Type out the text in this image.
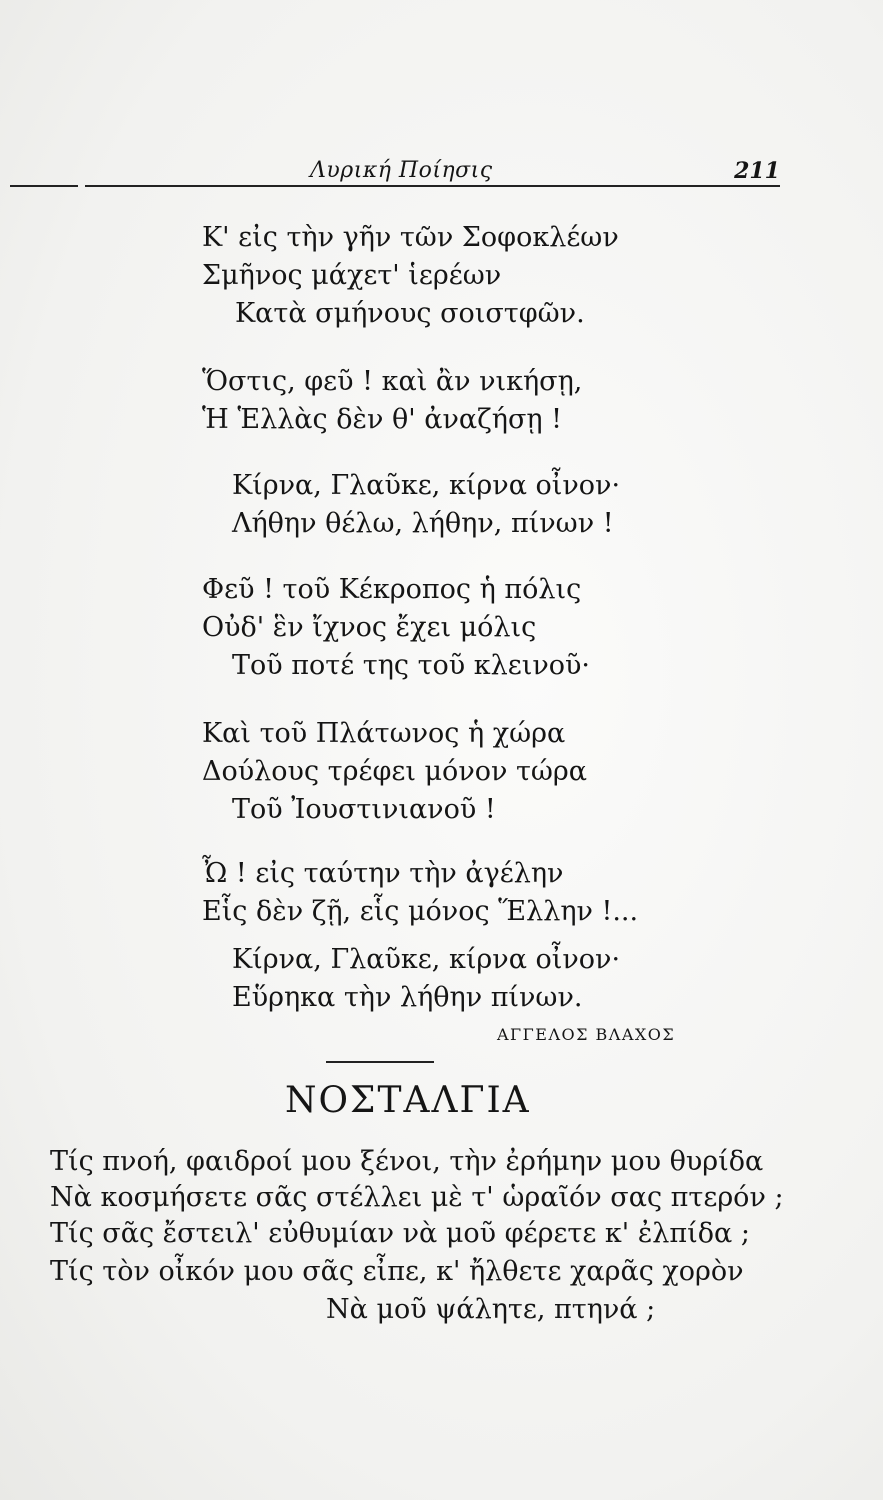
Λυρική Ποίησις	211
Κ' εἰς τὴν γῆν τῶν Σοφοκλέων
Σμῆνος μάχετ' ἱερέων
Κατὰ σμήνους σοιστφῶν.
Ὅστις, φεῦ ! καὶ ἂν νικήσῃ,
Ἡ Ἑλλὰς δὲν θ' ἀναζήσῃ !
Κίρνα, Γλαῦκε, κίρνα οἶνον·
Λήθην θέλω, λήθην, πίνων !
Φεῦ ! τοῦ Κέκροπος ἡ πόλις
Οὐδ' ἓν ἴχνος ἔχει μόλις
Τοῦ ποτέ της τοῦ κλεινοῦ·
Καὶ τοῦ Πλάτωνος ἡ χώρα
Δούλους τρέφει μόνον τώρα
Τοῦ Ἰουστινιανοῦ !
Ὦ ! εἰς ταύτην τὴν ἀγέλην
Εἷς δὲν ζῇ, εἷς μόνος Ἕλλην !...
Κίρνα, Γλαῦκε, κίρνα οἶνον·
Εὕρηκα τὴν λήθην πίνων.
ΑΓΓΕΛΟΣ ΒΛΑΧΟΣ
ΝΟΣΤΑΛΓΙΑ
Τίς πνοή, φαιδροί μου ξένοι, τὴν ἐρήμην μου θυρίδα
Νὰ κοσμήσετε σᾶς στέλλει μὲ τ' ὡραῖόν σας πτερόν ;
Τίς σᾶς ἔστειλ' εὐθυμίαν νὰ μοῦ φέρετε κ' ἐλπίδα ;
Τίς τὸν οἶκόν μου σᾶς εἶπε, κ' ἤλθετε χαρᾶς χορὸν
Νὰ μοῦ ψάλητε, πτηνά ;
